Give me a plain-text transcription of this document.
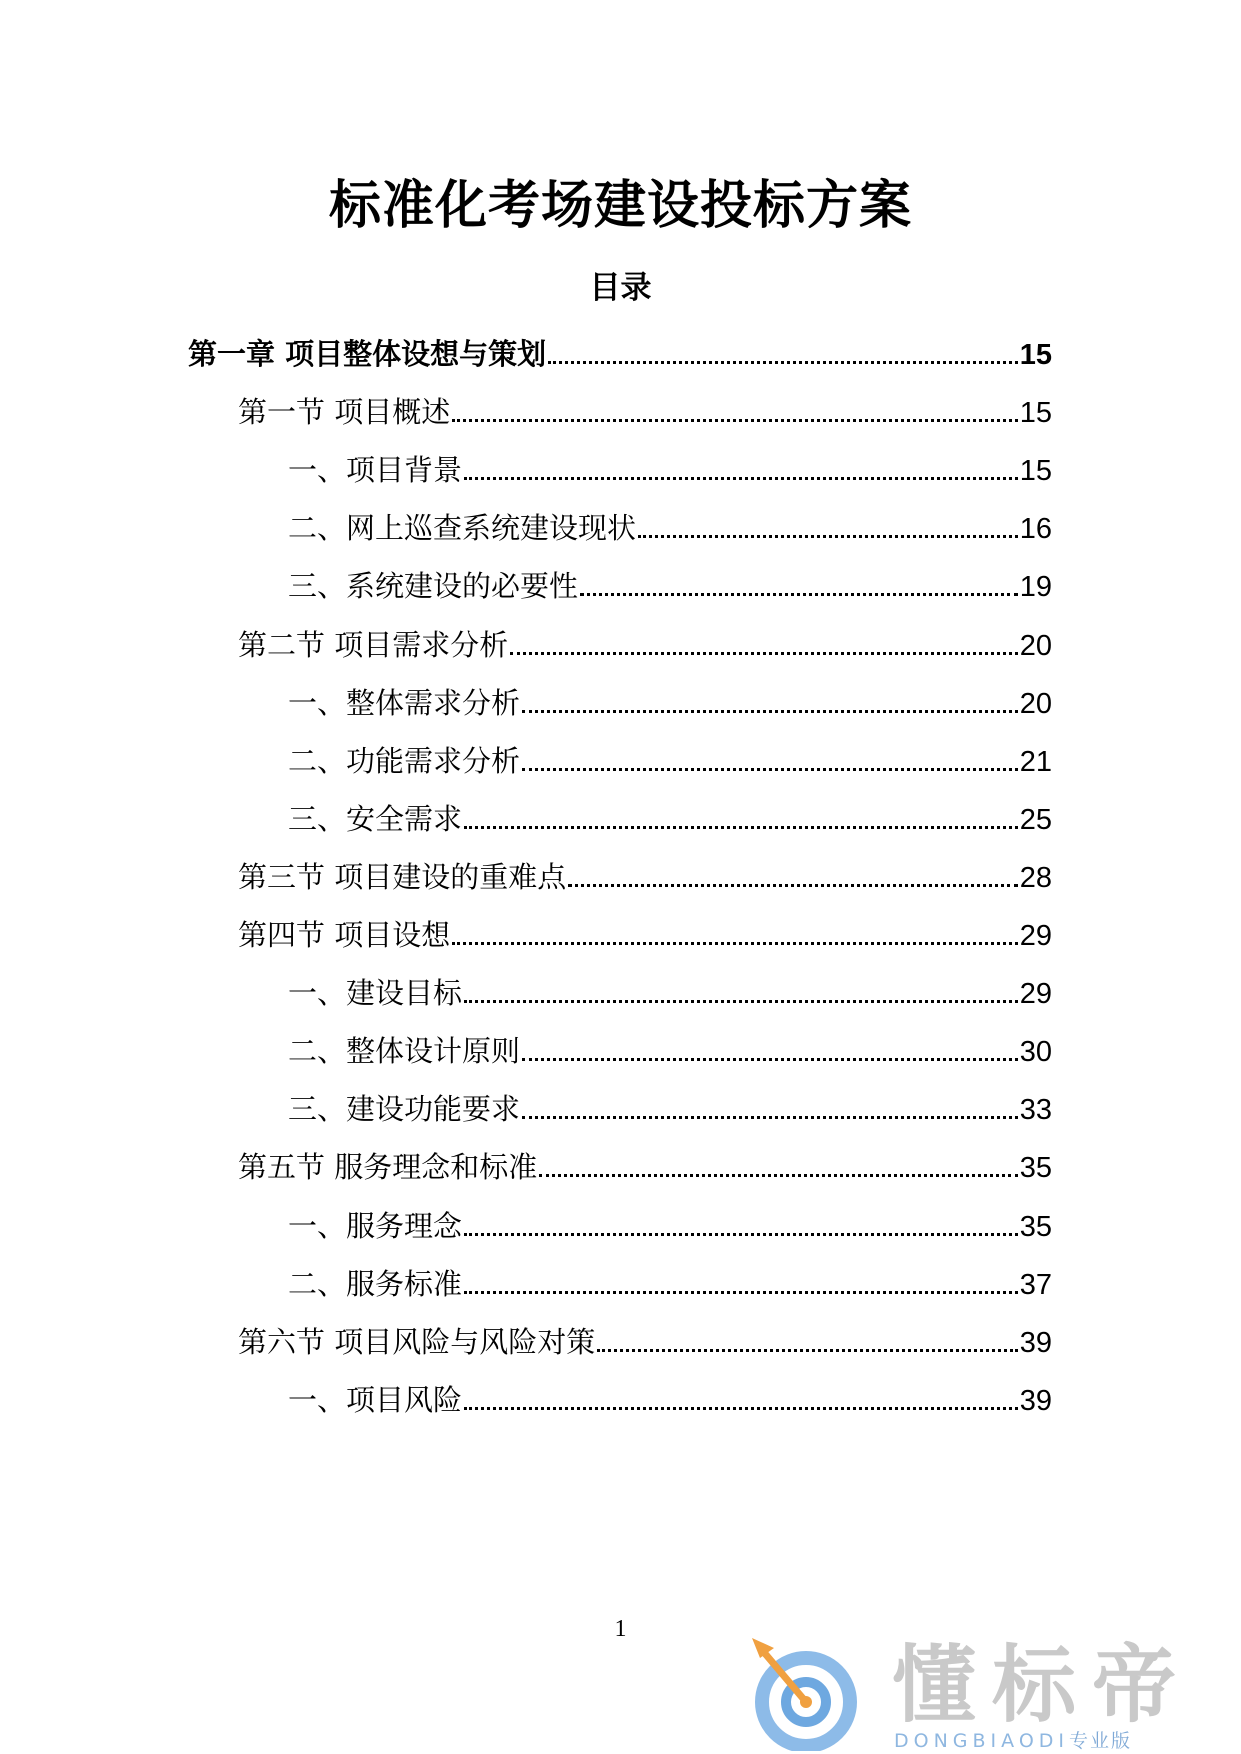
标准化考场建设投标方案
目录
第一章 项目整体设想与策划	15
第一节 项目概述	15
一、项目背景	15
二、网上巡查系统建设现状	16
三、系统建设的必要性	19
第二节 项目需求分析	20
一、整体需求分析	20
二、功能需求分析	21
三、安全需求	25
第三节 项目建设的重难点	28
第四节 项目设想	29
一、建设目标	29
二、整体设计原则	30
三、建设功能要求	33
第五节 服务理念和标准	35
一、服务理念	35
二、服务标准	37
第六节 项目风险与风险对策	39
一、项目风险	39
1
懂标帝
DONGBIAODI专业版
